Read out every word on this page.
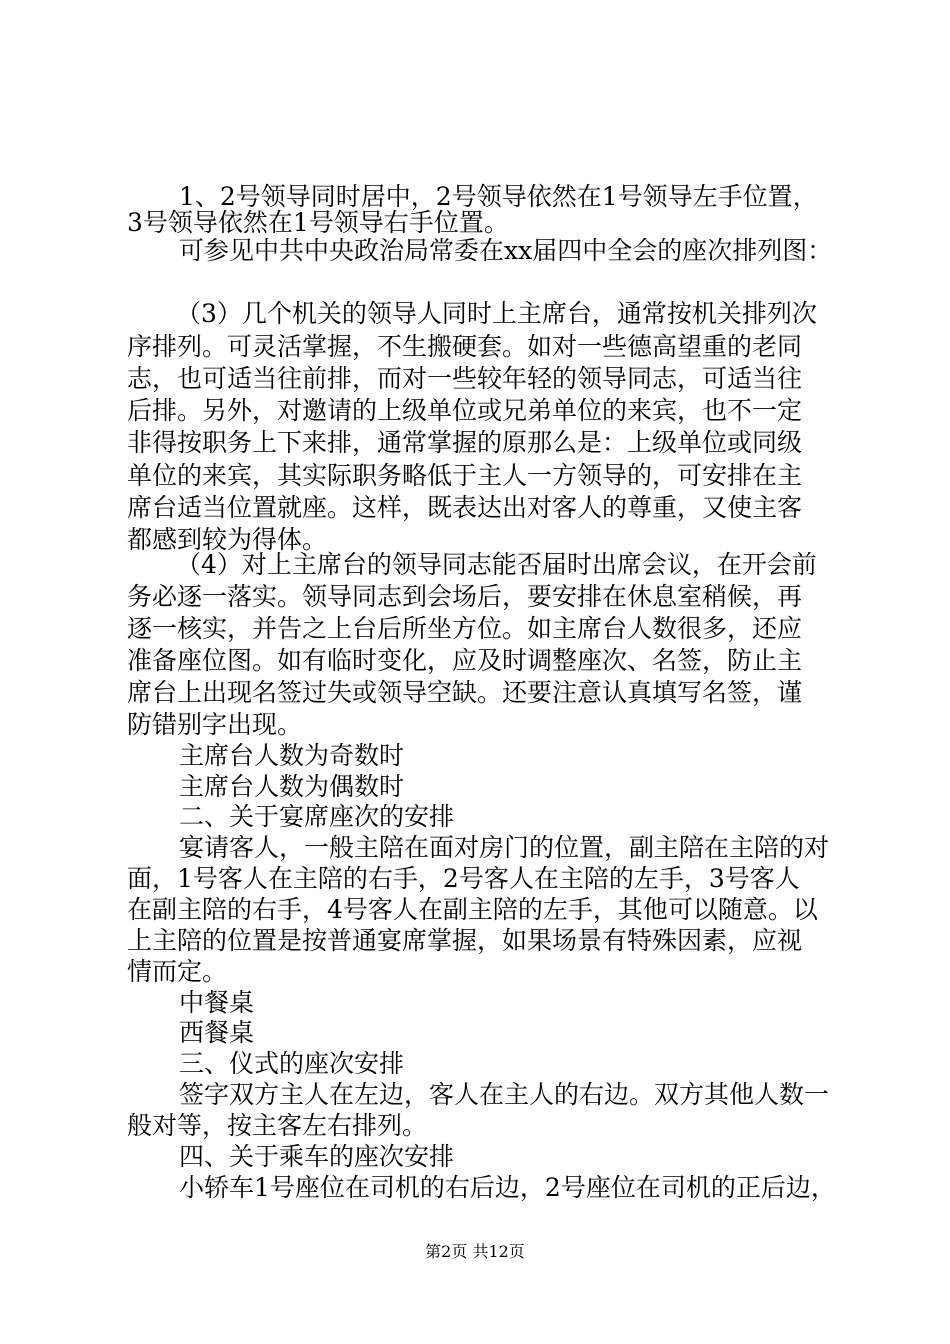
1、2号领导同时居中，2号领导依然在1号领导左手位置，
3号领导依然在1号领导右手位置。
可参见中共中央政治局常委在xx届四中全会的座次排列图：
（3）几个机关的领导人同时上主席台，通常按机关排列次
序排列。可灵活掌握，不生搬硬套。如对一些德高望重的老同
志，也可适当往前排，而对一些较年轻的领导同志，可适当往
后排。另外，对邀请的上级单位或兄弟单位的来宾，也不一定
非得按职务上下来排，通常掌握的原那么是：上级单位或同级
单位的来宾，其实际职务略低于主人一方领导的，可安排在主
席台适当位置就座。这样，既表达出对客人的尊重，又使主客
都感到较为得体。
（4）对上主席台的领导同志能否届时出席会议，在开会前
务必逐一落实。领导同志到会场后，要安排在休息室稍候，再
逐一核实，并告之上台后所坐方位。如主席台人数很多，还应
准备座位图。如有临时变化，应及时调整座次、名签，防止主
席台上出现名签过失或领导空缺。还要注意认真填写名签，谨
防错别字出现。
主席台人数为奇数时
主席台人数为偶数时
二、关于宴席座次的安排
宴请客人，一般主陪在面对房门的位置，副主陪在主陪的对
面，1号客人在主陪的右手，2号客人在主陪的左手，3号客人
在副主陪的右手，4号客人在副主陪的左手，其他可以随意。以
上主陪的位置是按普通宴席掌握，如果场景有特殊因素，应视
情而定。
中餐桌
西餐桌
三、仪式的座次安排
签字双方主人在左边，客人在主人的右边。双方其他人数一
般对等，按主客左右排列。
四、关于乘车的座次安排
小轿车1号座位在司机的右后边，2号座位在司机的正后边，
第2页 共12页
